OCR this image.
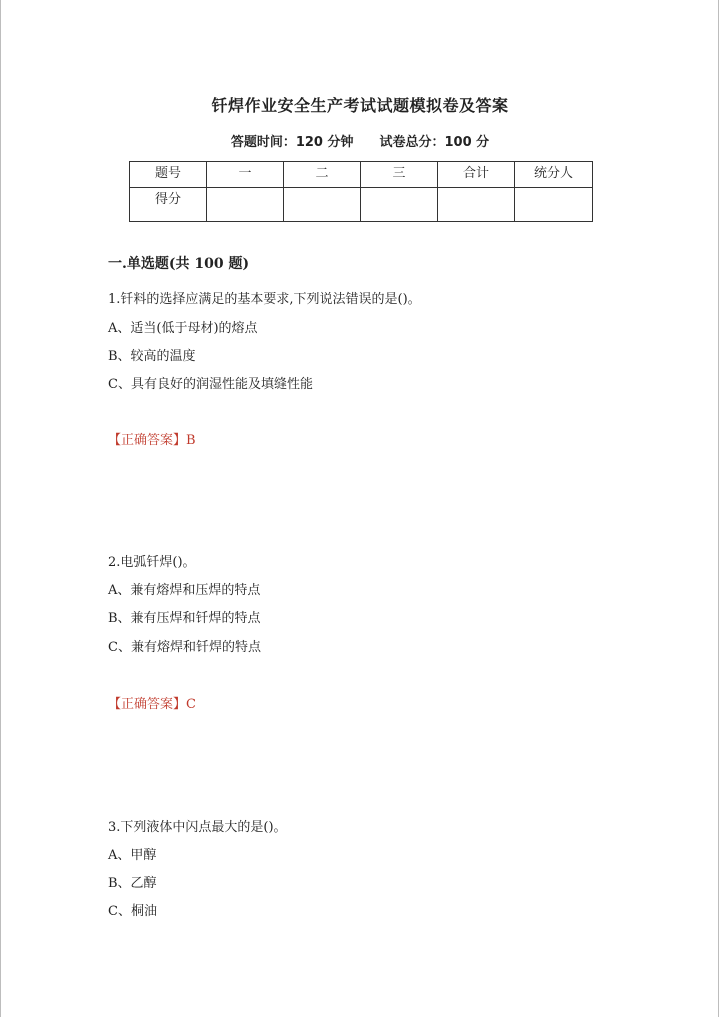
钎焊作业安全生产考试试题模拟卷及答案
答题时间：120 分钟 试卷总分：100 分
题号	一	二	三	合计	统分人
得分					
一.单选题(共 100 题)
1.钎料的选择应满足的基本要求,下列说法错误的是()。
A、适当(低于母材)的熔点
B、较高的温度
C、具有良好的润湿性能及填缝性能
【正确答案】B
2.电弧钎焊()。
A、兼有熔焊和压焊的特点
B、兼有压焊和钎焊的特点
C、兼有熔焊和钎焊的特点
【正确答案】C
3.下列液体中闪点最大的是()。
A、甲醇
B、乙醇
C、桐油
